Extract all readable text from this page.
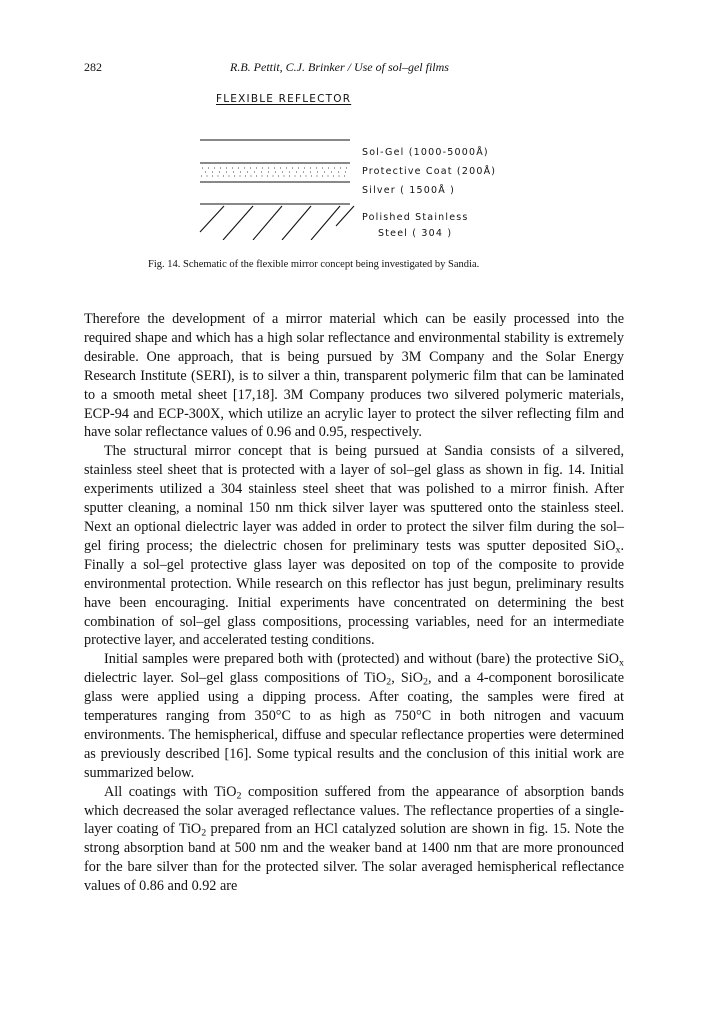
282	R.B. Pettit, C.J. Brinker / Use of sol–gel films
FLEXIBLE REFLECTOR
Sol-Gel (1000-5000Å)
Protective Coat (200Å)
Silver ( 1500Å )
Polished Stainless
Steel ( 304 )
Fig. 14. Schematic of the flexible mirror concept being investigated by Sandia.

Therefore the development of a mirror material which can be easily processed into the required shape and which has a high solar reflectance and environmental stability is extremely desirable. One approach, that is being pursued by 3M Company and the Solar Energy Research Institute (SERI), is to silver a thin, transparent polymeric film that can be laminated to a smooth metal sheet [17,18]. 3M Company produces two silvered polymeric materials, ECP-94 and ECP-300X, which utilize an acrylic layer to protect the silver reflecting film and have solar reflectance values of 0.96 and 0.95, respectively.

The structural mirror concept that is being pursued at Sandia consists of a silvered, stainless steel sheet that is protected with a layer of sol–gel glass as shown in fig. 14. Initial experiments utilized a 304 stainless steel sheet that was polished to a mirror finish. After sputter cleaning, a nominal 150 nm thick silver layer was sputtered onto the stainless steel. Next an optional dielectric layer was added in order to protect the silver film during the sol–gel firing process; the dielectric chosen for preliminary tests was sputter deposited SiO$_x$. Finally a sol–gel protective glass layer was deposited on top of the composite to provide environmental protection. While research on this reflector has just begun, preliminary results have been encouraging. Initial experiments have concentrated on determining the best combination of sol–gel glass compositions, processing variables, need for an intermediate protective layer, and accelerated testing conditions.

Initial samples were prepared both with (protected) and without (bare) the protective SiO$_x$ dielectric layer. Sol–gel glass compositions of TiO$_2$, SiO$_2$, and a 4-component borosilicate glass were applied using a dipping process. After coating, the samples were fired at temperatures ranging from 350°C to as high as 750°C in both nitrogen and vacuum environments. The hemispherical, diffuse and specular reflectance properties were determined as previously described [16]. Some typical results and the conclusion of this initial work are summarized below.

All coatings with TiO$_2$ composition suffered from the appearance of absorption bands which decreased the solar averaged reflectance values. The reflectance properties of a single-layer coating of TiO$_2$ prepared from an HCl catalyzed solution are shown in fig. 15. Note the strong absorption band at 500 nm and the weaker band at 1400 nm that are more pronounced for the bare silver than for the protected silver. The solar averaged hemispherical reflectance values of 0.86 and 0.92 are
